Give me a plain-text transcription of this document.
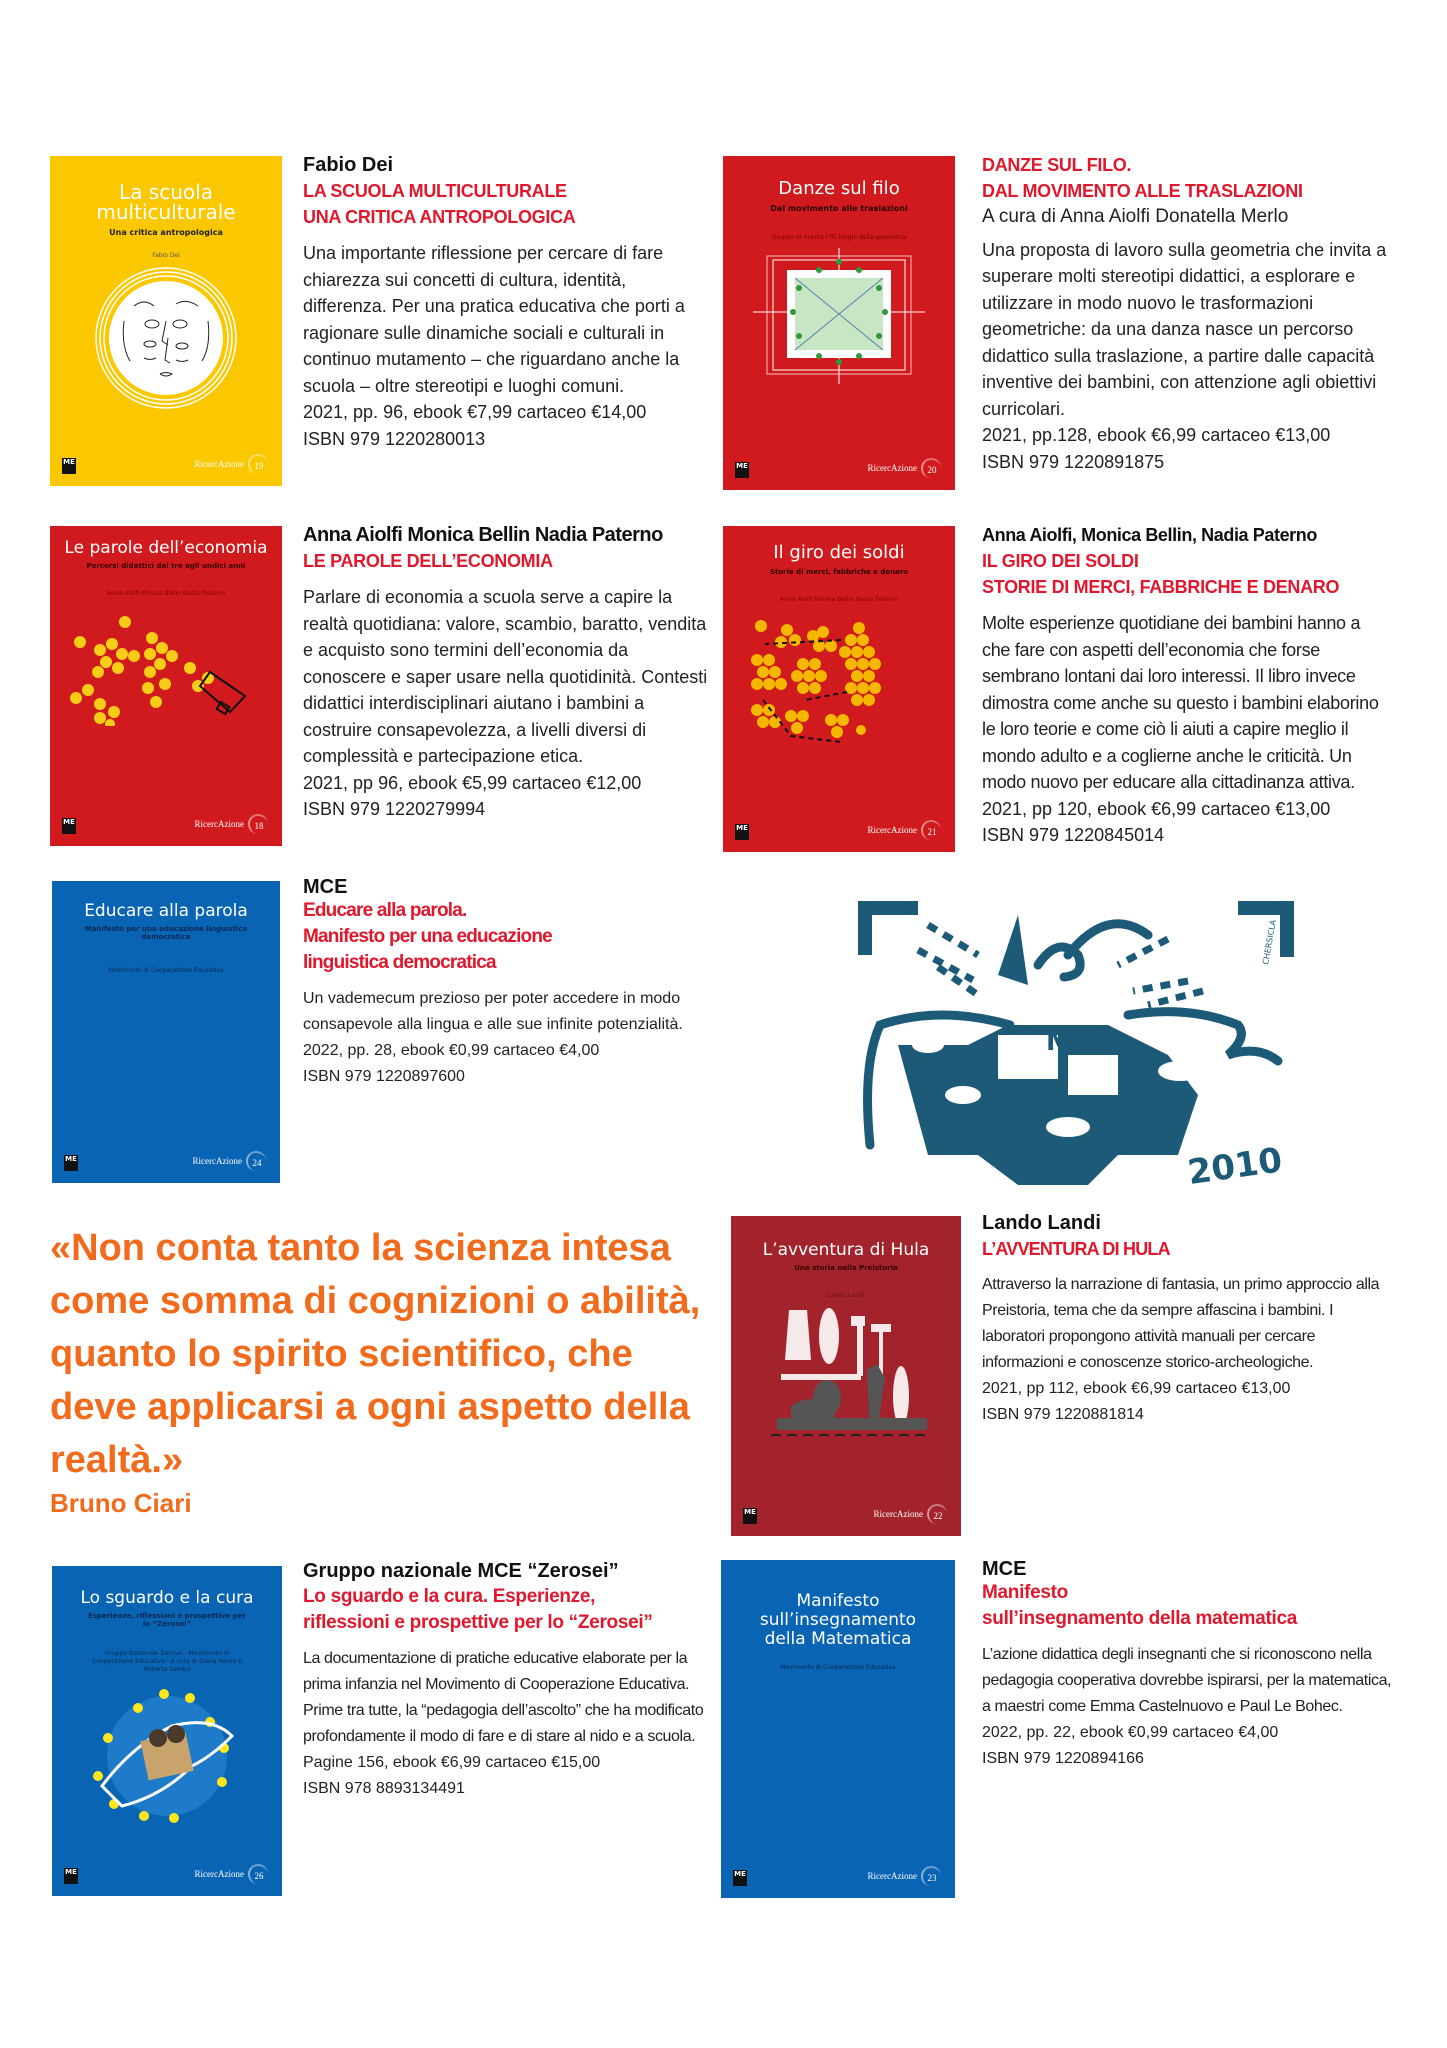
La scuola multiculturale
Una critica antropologica
Fabio Dei
ME	RicercAzione	19
Fabio Dei
LA SCUOLA MULTICULTURALE
UNA CRITICA ANTROPOLOGICA
Una importante riflessione per cercare di fare chiarezza sui concetti di cultura, identità, differenza. Per una pratica educativa che porti a ragionare sulle dinamiche sociali e culturali in continuo mutamento – che riguardano anche la scuola – oltre stereotipi e luoghi comuni.
2021, pp. 96, ebook €7,99 cartaceo €14,00
ISBN 979 1220280013
Danze sul filo
Dal movimento alle traslazioni
Gruppo di ricerca I fili lunghi della geometria
ME	RicercAzione	20
DANZE SUL FILO.
DAL MOVIMENTO ALLE TRASLAZIONI
A cura di Anna Aiolfi Donatella Merlo
Una proposta di lavoro sulla geometria che invita a superare molti stereotipi didattici, a esplorare e utilizzare in modo nuovo le trasformazioni geometriche: da una danza nasce un percorso didattico sulla traslazione, a partire dalle capacità inventive dei bambini, con attenzione agli obiettivi curricolari.
2021, pp.128, ebook €6,99 cartaceo €13,00
ISBN 979 1220891875
Le parole dell’economia
Percorsi didattici dai tre agli undici anni
Anna Aiolfi Monica Bellin Nadia Paterno
ME	RicercAzione	18
Anna Aiolfi Monica Bellin Nadia Paterno
LE PAROLE DELL’ECONOMIA
Parlare di economia a scuola serve a capire la realtà quotidiana: valore, scambio, baratto, vendita e acquisto sono termini dell’economia da conoscere e saper usare nella quotidinità. Contesti didattici interdisciplinari aiutano i bambini a costruire consapevolezza, a livelli diversi di complessità e partecipazione etica.
2021, pp 96, ebook €5,99 cartaceo €12,00
ISBN 979 1220279994
Il giro dei soldi
Storie di merci, fabbriche e denaro
Anna Aiolfi Monica Bellin Nadia Paterno
ME	RicercAzione	21
Anna Aiolfi, Monica Bellin, Nadia Paterno
IL GIRO DEI SOLDI
STORIE DI MERCI, FABBRICHE E DENARO
Molte esperienze quotidiane dei bambini hanno a che fare con aspetti dell’economia che forse sembrano lontani dai loro interessi. Il libro invece dimostra come anche su questo i bambini elaborino le loro teorie e come ciò li aiuti a capire meglio il mondo adulto e a coglierne anche le criticità. Un modo nuovo per educare alla cittadinanza attiva.
2021, pp 120, ebook €6,99 cartaceo €13,00
ISBN 979 1220845014
Educare alla parola
Manifesto per una educazione linguistica democratica
Movimento di Cooperazione Educativa
ME	RicercAzione	24
MCE
Educare alla parola.
Manifesto per una educazione
linguistica democratica
Un vademecum prezioso per poter accedere in modo consapevole alla lingua e alle sue infinite potenzialità.
2022, pp. 28, ebook €0,99 cartaceo €4,00
ISBN 979 1220897600
M
2010
CHERSICLA
«Non conta tanto la scienza intesa come somma di cognizioni o abilità, quanto lo spirito scientifico, che deve applicarsi a ogni aspetto della realtà.»
Bruno Ciari
L’avventura di Hula
Una storia nella Preistoria
Lando Landi
ME	RicercAzione	22
Lando Landi
L’AVVENTURA DI HULA
Attraverso la narrazione di fantasia, un primo approccio alla Preistoria, tema che da sempre affascina i bambini. I laboratori propongono attività manuali per cercare informazioni e conoscenze storico-archeologiche.
2021, pp 112, ebook €6,99 cartaceo €13,00
ISBN 979 1220881814
Lo sguardo e la cura
Esperienze, riflessioni e prospettive per lo “Zerosei”
Gruppo Nazionale Zerosei · Movimento di Cooperazione Educativa · A cura di Diana Penso e Roberta Sambo
ME	RicercAzione	26
Gruppo nazionale MCE “Zerosei”
Lo sguardo e la cura. Esperienze,
riflessioni e prospettive per lo “Zerosei”
La documentazione di pratiche educative elaborate per la prima infanzia nel Movimento di Cooperazione Educativa. Prime tra tutte, la “pedagogia dell’ascolto” che ha modificato profondamente il modo di fare e di stare al nido e a scuola.
Pagine 156, ebook €6,99 cartaceo €15,00
ISBN 978 8893134491
Manifesto sull’insegnamento della Matematica
Movimento di Cooperazione Educativa
ME	RicercAzione	23
MCE
Manifesto
sull’insegnamento della matematica
L’azione didattica degli insegnanti che si riconoscono nella pedagogia cooperativa dovrebbe ispirarsi, per la matematica, a maestri come Emma Castelnuovo e Paul Le Bohec.
2022, pp. 22, ebook €0,99 cartaceo €4,00
ISBN 979 1220894166
